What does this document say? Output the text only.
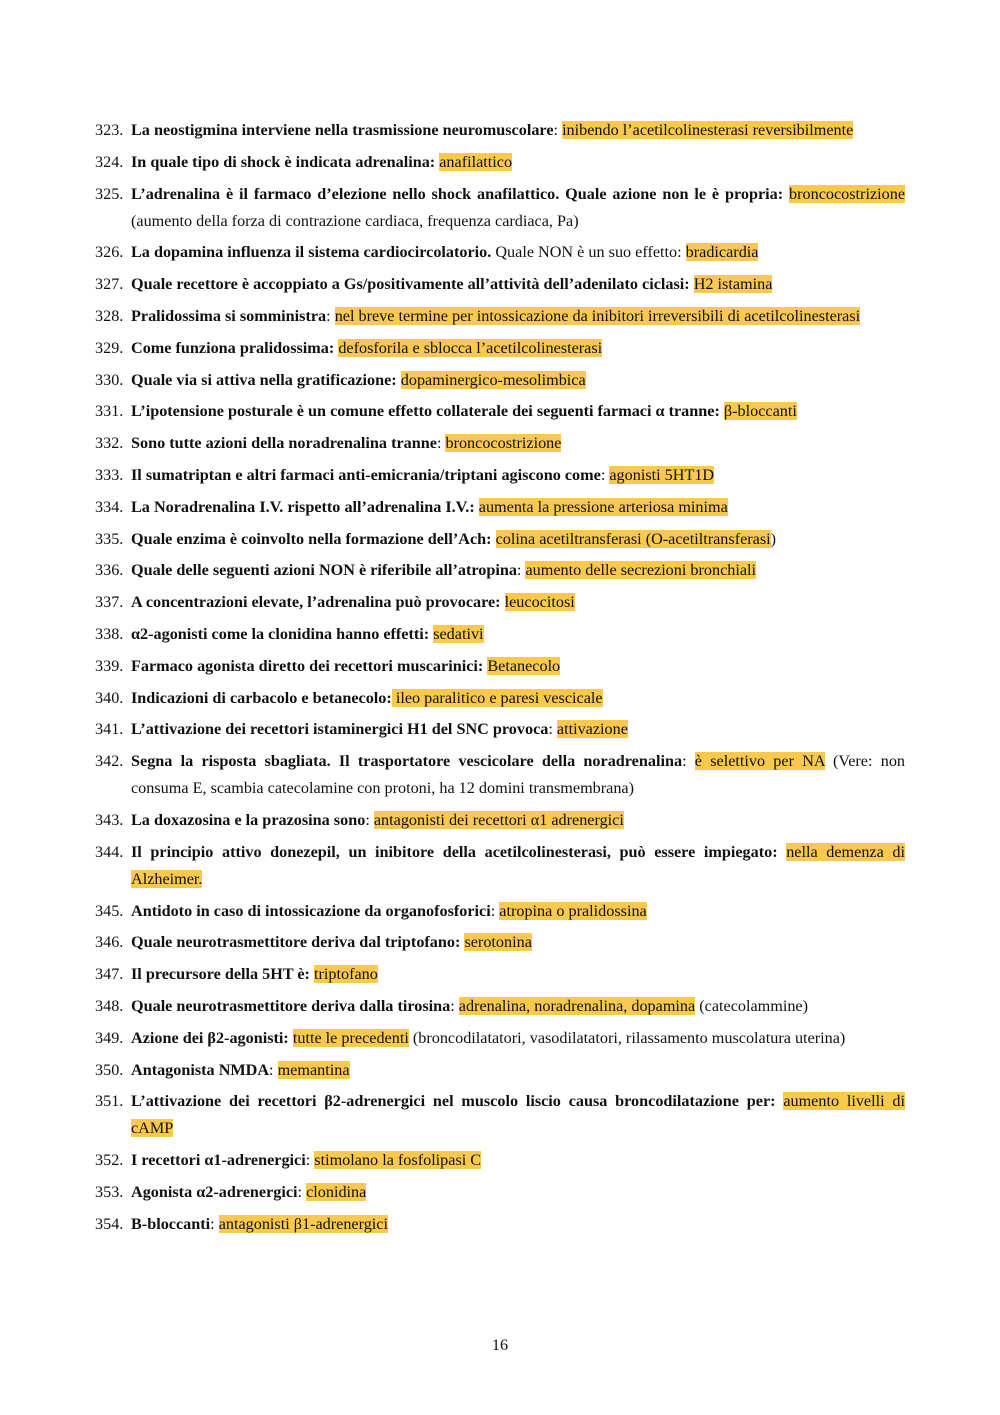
323. La neostigmina interviene nella trasmissione neuromuscolare: inibendo l’acetilcolinesterasi reversibilmente
324. In quale tipo di shock è indicata adrenalina: anafilattico
325. L’adrenalina è il farmaco d’elezione nello shock anafilattico. Quale azione non le è propria: broncocostrizione (aumento della forza di contrazione cardiaca, frequenza cardiaca, Pa)
326. La dopamina influenza il sistema cardiocircolatorio. Quale NON è un suo effetto: bradicardia
327. Quale recettore è accoppiato a Gs/positivamente all’attività dell’adenilato ciclasi: H2 istamina
328. Pralidossima si somministra: nel breve termine per intossicazione da inibitori irreversibili di acetilcolinesterasi
329. Come funziona pralidossima: defosforila e sblocca l’acetilcolinesterasi
330. Quale via si attiva nella gratificazione: dopaminergico-mesolimbica
331. L’ipotensione posturale è un comune effetto collaterale dei seguenti farmaci α tranne: β-bloccanti
332. Sono tutte azioni della noradrenalina tranne: broncocostrizione
333. Il sumatriptan e altri farmaci anti-emicrania/triptani agiscono come: agonisti 5HT1D
334. La Noradrenalina I.V. rispetto all’adrenalina I.V.: aumenta la pressione arteriosa minima
335. Quale enzima è coinvolto nella formazione dell’Ach: colina acetiltransferasi (O-acetiltransferasi)
336. Quale delle seguenti azioni NON è riferibile all’atropina: aumento delle secrezioni bronchiali
337. A concentrazioni elevate, l’adrenalina può provocare: leucocitosi
338. α2-agonisti come la clonidina hanno effetti: sedativi
339. Farmaco agonista diretto dei recettori muscarinici: Betanecolo
340. Indicazioni di carbacolo e betanecolo: ileo paralitico e paresi vescicale
341. L’attivazione dei recettori istaminergici H1 del SNC provoca: attivazione
342. Segna la risposta sbagliata. Il trasportatore vescicolare della noradrenalina: è selettivo per NA (Vere: non consuma E, scambia catecolamine con protoni, ha 12 domini transmembrana)
343. La doxazosina e la prazosina sono: antagonisti dei recettori α1 adrenergici
344. Il principio attivo donezepil, un inibitore della acetilcolinesterasi, può essere impiegato: nella demenza di Alzheimer.
345. Antidoto in caso di intossicazione da organofosforici: atropina o pralidossina
346. Quale neurotrasmettitore deriva dal triptofano: serotonina
347. Il precursore della 5HT è: triptofano
348. Quale neurotrasmettitore deriva dalla tirosina: adrenalina, noradrenalina, dopamina (catecolammine)
349. Azione dei β2-agonisti: tutte le precedenti (broncodilatatori, vasodilatatori, rilassamento muscolatura uterina)
350. Antagonista NMDA: memantina
351. L’attivazione dei recettori β2-adrenergici nel muscolo liscio causa broncodilatazione per: aumento livelli di cAMP
352. I recettori α1-adrenergici: stimolano la fosfolipasi C
353. Agonista α2-adrenergici: clonidina
354. B-bloccanti: antagonisti β1-adrenergici
16
